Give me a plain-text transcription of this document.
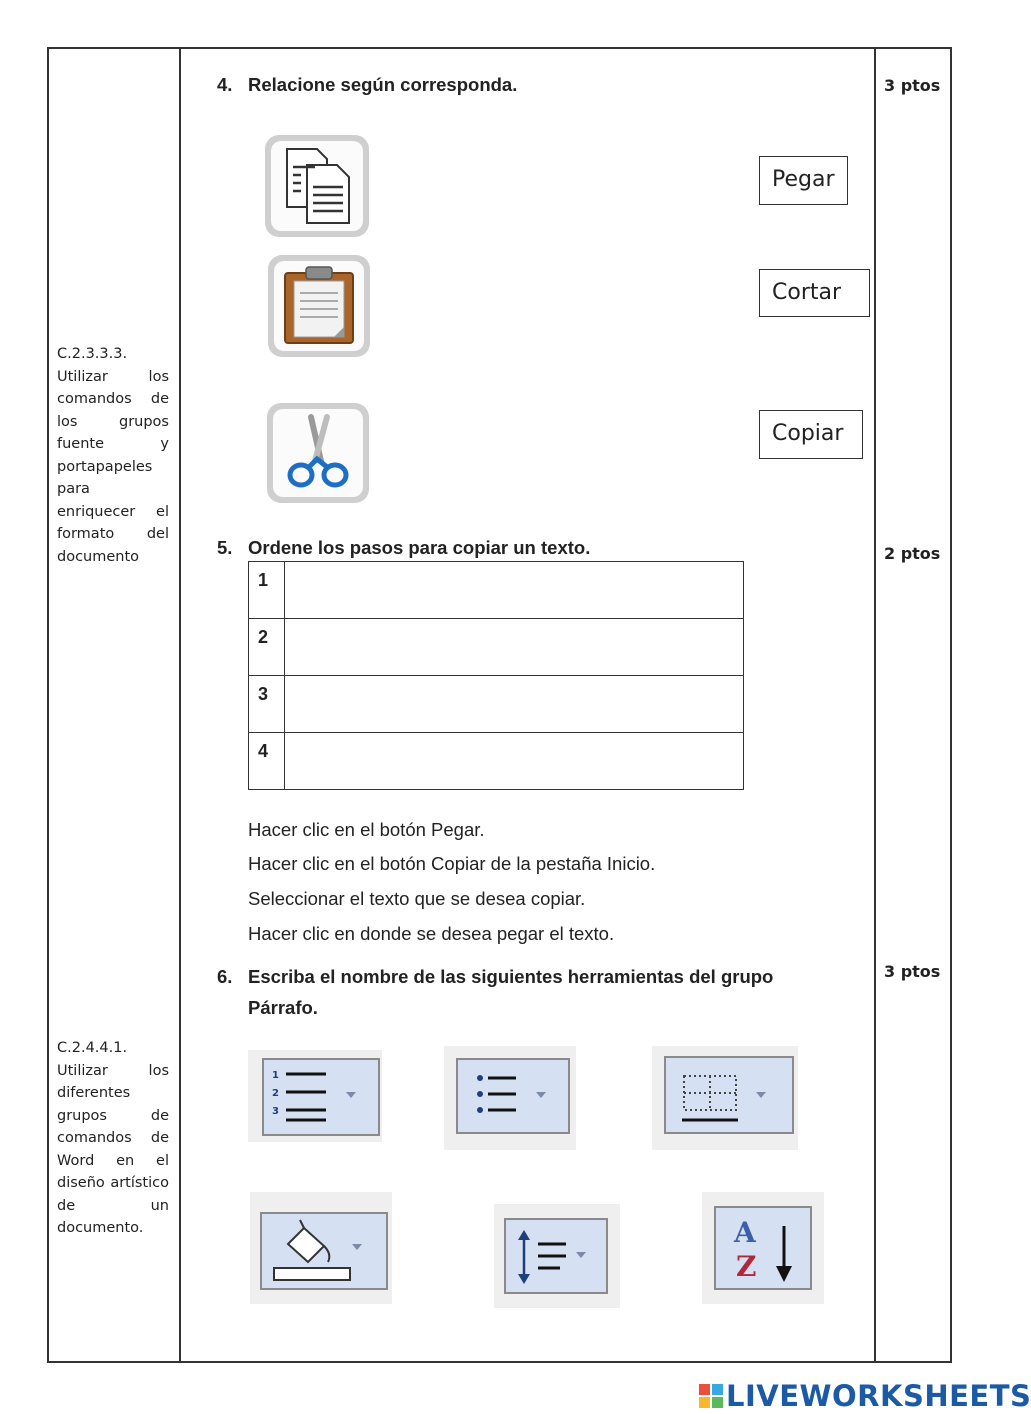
C.2.3.3.3.
Utilizar los comandos de los grupos fuente y portapapeles para enriquecer el formato del documento
C.2.4.4.1.
Utilizar los diferentes grupos de comandos de Word en el diseño artístico de un documento.
4. Relacione según corresponda.	3 ptos
Pegar
Cortar
Copiar
5. Ordene los pasos para copiar un texto.	2 ptos
1	
2	
3	
4	
Hacer clic en el botón Pegar.
Hacer clic en el botón Copiar de la pestaña Inicio.
Seleccionar el texto que se desea copiar.
Hacer clic en donde se desea pegar el texto.
6. Escriba el nombre de las siguientes herramientas del grupo
Párrafo.
3 ptos
1
2
3
A
Z
LIVEWORKSHEETS
